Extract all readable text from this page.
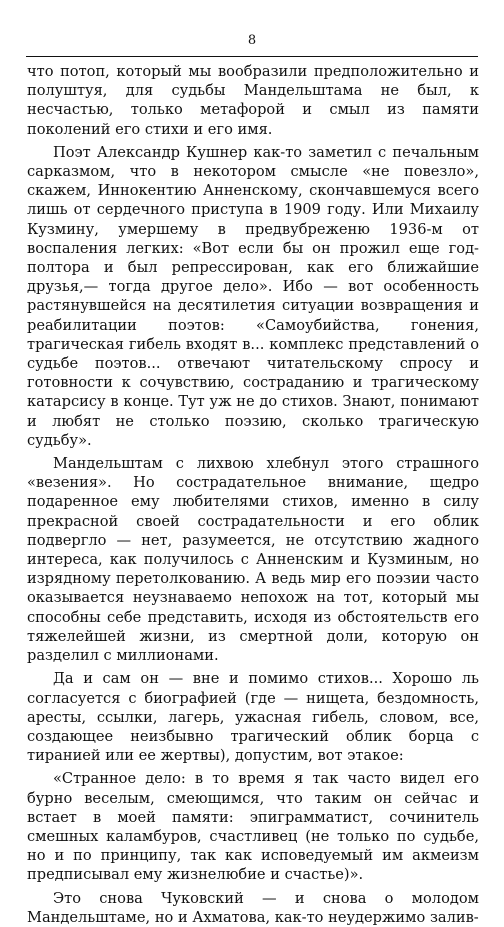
8

что потоп, который мы вообразили предположительно и полуштуя, для судьбы Мандельштама не был, к несчастью, только метафорой и смыл из памяти поколений его стихи и его имя.

Поэт Александр Кушнер как-то заметил с печальным сарказмом, что в некотором смысле «не повезло», скажем, Иннокентию Анненскому, скончавшемуся всего лишь от сердечного приступа в 1909 году. Или Михаилу Кузмину, умершему в предвубреженю 1936-м от воспаления легких: «Вот если бы он прожил еще год-полтора и был репрессирован, как его ближайшие друзья,— тогда другое дело». Ибо — вот особенность растянувшейся на десятилетия ситуации возвращения и реабилитации поэтов: «Самоубийства, гонения, трагическая гибель входят в... комплекс представлений о судьбе поэтов... отвечают читательскому спросу и готовности к сочувствию, состраданию и трагическому катарсису в конце. Тут уж не до стихов. Знают, понимают и любят не столько поэзию, сколько трагическую судьбу».

Мандельштам с лихвою хлебнул этого страшного «везения». Но сострадательное внимание, щедро подаренное ему любителями стихов, именно в силу прекрасной своей сострадательности и его облик подвергло — нет, разумеется, не отсутствию жадного интереса, как получилось с Анненским и Кузминым, но изрядному перетолкованию. А ведь мир его поэзии часто оказывается неузнаваемо непохож на тот, который мы способны себе представить, исходя из обстоятельств его тяжелейшей жизни, из смертной доли, которую он разделил с миллионами.

Да и сам он — вне и помимо стихов... Хорошо ль согласуется с биографией (где — нищета, бездомность, аресты, ссылки, лагерь, ужасная гибель, словом, все, создающее неизбывно трагический облик борца с тиранией или ее жертвы), допустим, вот этакое:

«Странное дело: в то время я так часто видел его бурно веселым, смеющимся, что таким он сейчас и встает в моей памяти: эпиграмматист, сочинитель смешных каламбуров, счастливец (не только по судьбе, но и по принципу, так как исповедуемый им акмеизм предписывал ему жизнелюбие и счастье)».

Это снова Чуковский — и снова о молодом Мандельштаме, но и Ахматова, как-то неудержимо залив-
